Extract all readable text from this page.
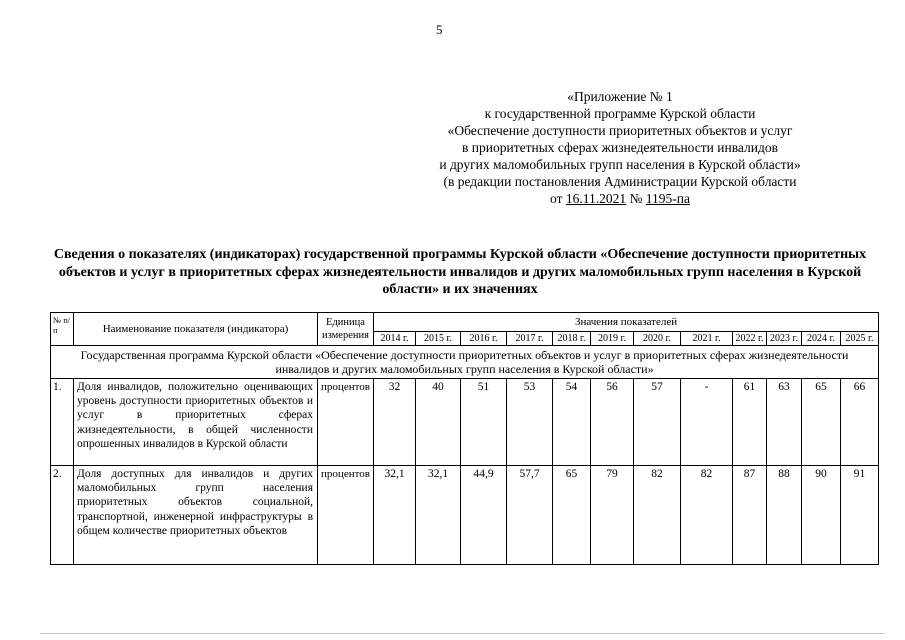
5
«Приложение № 1
к государственной программе Курской области
«Обеспечение доступности приоритетных объектов и услуг
в приоритетных сферах жизнедеятельности инвалидов
и других маломобильных групп населения в Курской области»
(в редакции постановления Администрации Курской области
от 16.11.2021 № 1195-па
Сведения о показателях (индикаторах) государственной программы Курской области «Обеспечение доступности приоритетных объектов и услуг в приоритетных сферах жизнедеятельности инвалидов и других маломобильных групп населения в Курской области» и их значениях
№ п/п	Наименование показателя (индикатора)	Единица измерения	Значения показателей											
			2014 г.	2015 г.	2016 г.	2017 г.	2018 г.	2019 г.	2020 г.	2021 г.	2022 г.	2023 г.	2024 г.	2025 г.
Государственная программа Курской области «Обеспечение доступности приоритетных объектов и услуг в приоритетных сферах жизнедеятельности инвалидов и других маломобильных групп населения в Курской области»														
1.	Доля инвалидов, положительно оценивающих уровень доступности приоритетных объектов и услуг в приоритетных сферах жизнедеятельности, в общей численности опрошенных инвалидов в Курской области	процентов	32	40	51	53	54	56	57	-	61	63	65	66
2.	Доля доступных для инвалидов и других маломобильных групп населения приоритетных объектов социальной, транспортной, инженерной инфраструктуры в общем количестве приоритетных объектов	процентов	32,1	32,1	44,9	57,7	65	79	82	82	87	88	90	91
